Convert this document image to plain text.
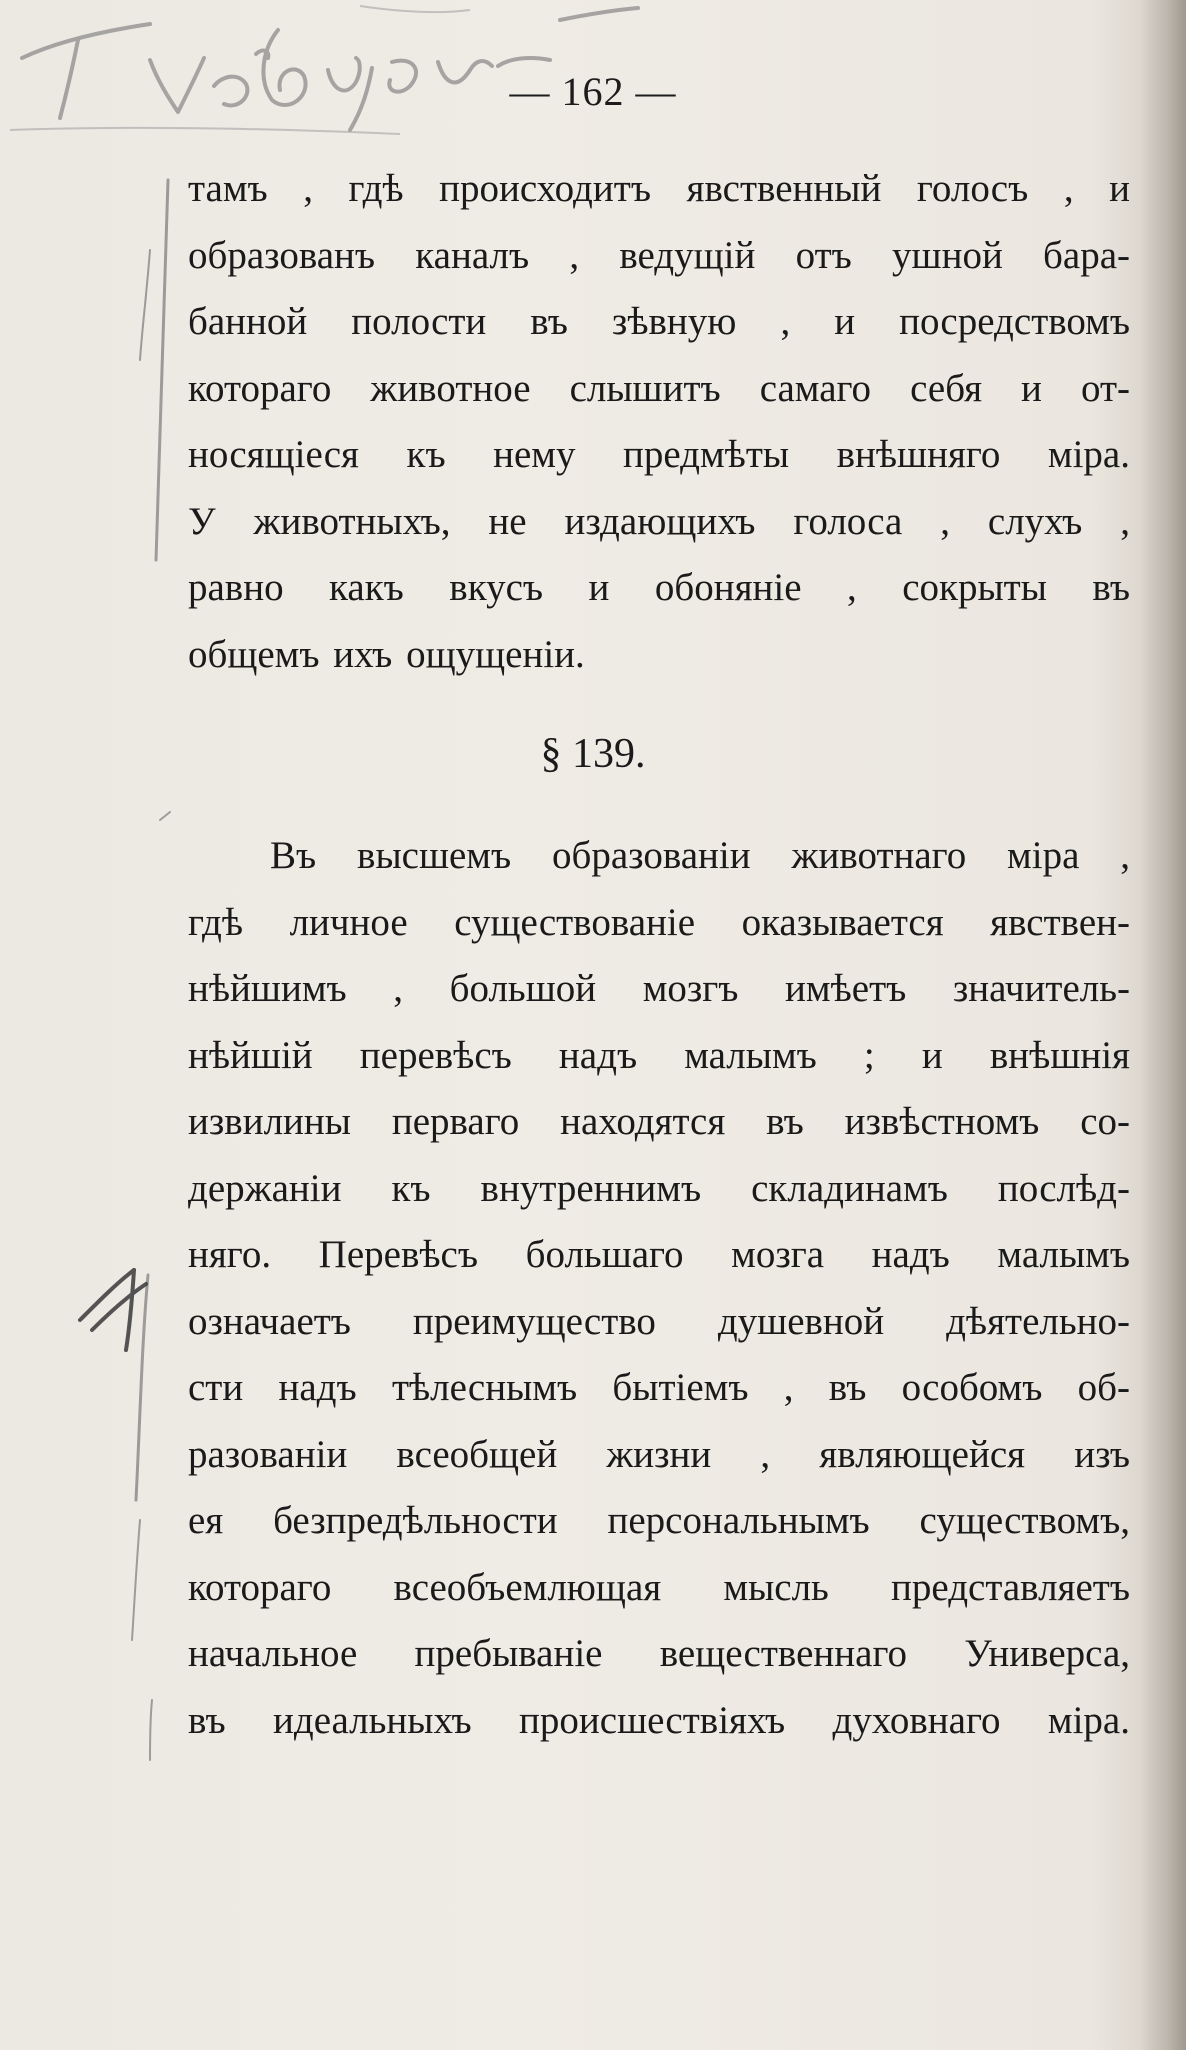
— 162 —
тамъ , гдѣ происходитъ явственный голосъ , и
образованъ каналъ , ведущій отъ ушной бара-
банной полости въ зѣвную , и посредствомъ
котораго животное слышитъ самаго себя и от-
носящіеся къ нему предмѣты внѣшняго міра.
У животныхъ, не издающихъ голоса , слухъ ,
равно какъ вкусъ и обоняніе , сокрыты въ
общемъ ихъ ощущеніи.
§ 139.
Въ высшемъ образованіи животнаго міра ,
гдѣ личное существованіе оказывается явствен-
нѣйшимъ , большой мозгъ имѣетъ значитель-
нѣйшій перевѣсъ надъ малымъ ; и внѣшнія
извилины перваго находятся въ извѣстномъ со-
держаніи къ внутреннимъ складинамъ послѣд-
няго. Перевѣсъ большаго мозга надъ малымъ
означаетъ преимущество душевной дѣятельно-
сти надъ тѣлеснымъ бытіемъ , въ особомъ об-
разованіи всеобщей жизни , являющейся изъ
ея безпредѣльности персональнымъ существомъ,
котораго всеобъемлющая мысль представляетъ
начальное пребываніе вещественнаго Универса,
въ идеальныхъ происшествіяхъ духовнаго міра.
